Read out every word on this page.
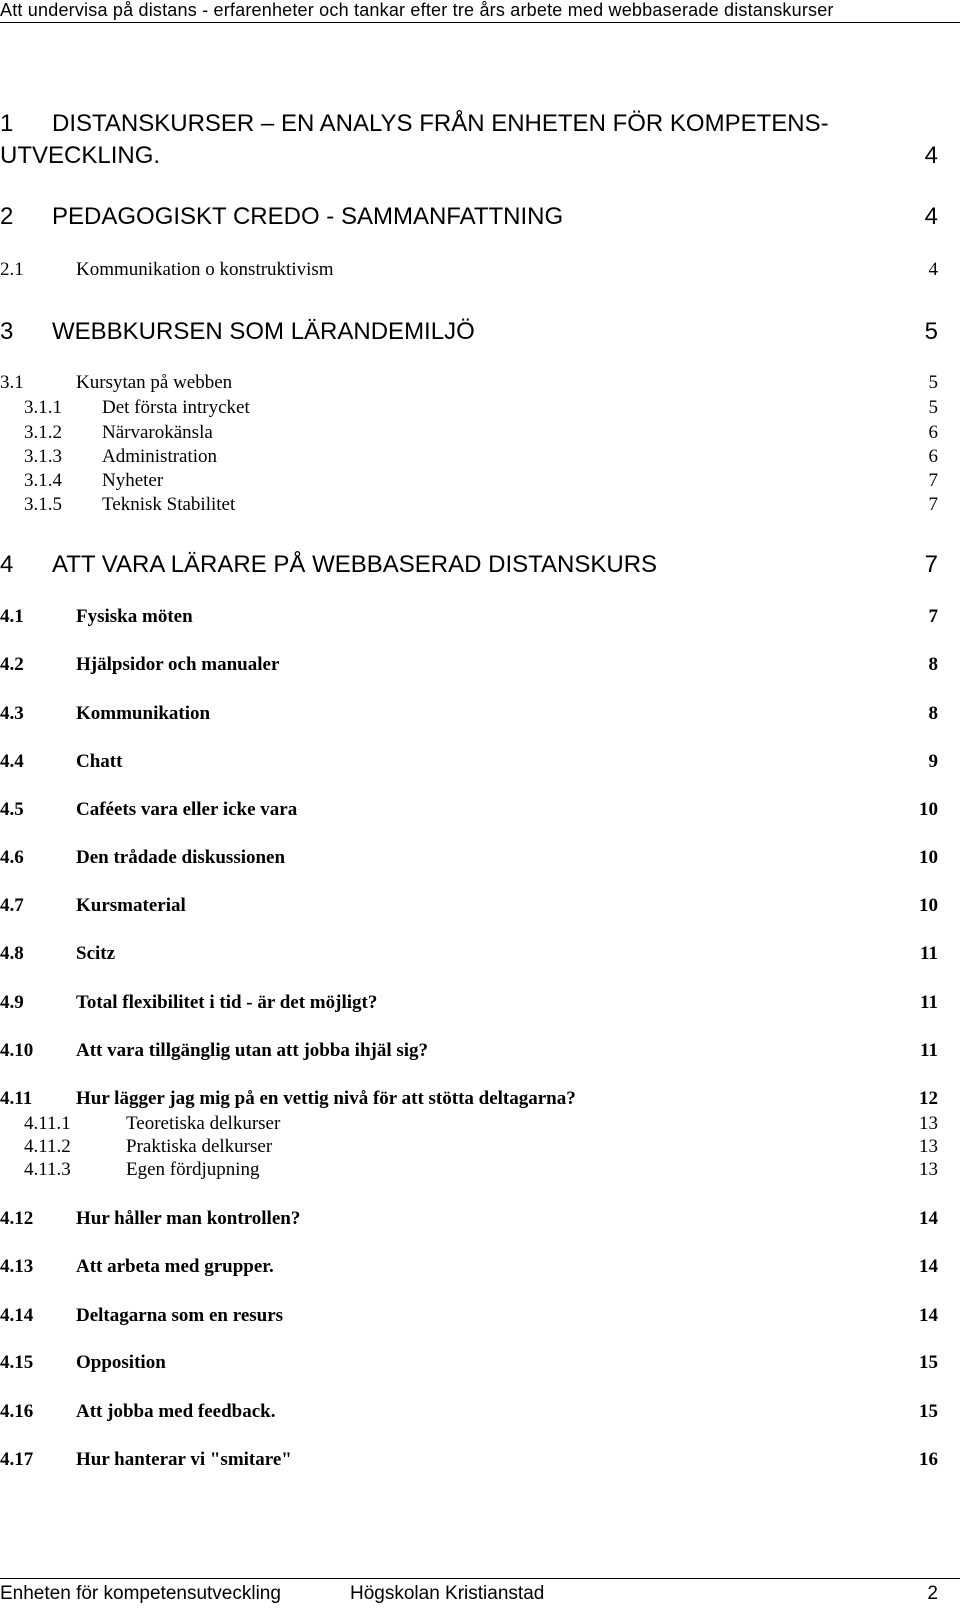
Att undervisa på distans - erfarenheter och tankar efter tre års arbete med webbaserade distanskurser
1 DISTANSKURSER – EN ANALYS FRÅN ENHETEN FÖR KOMPETENS-
UTVECKLING.	4
2 PEDAGOGISKT CREDO - SAMMANFATTNING	4
2.1	Kommunikation o konstruktivism	4
3 WEBBKURSEN SOM LÄRANDEMILJÖ	5
3.1	Kursytan på webben	5
3.1.1 Det första intrycket	5
3.1.2 Närvarokänsla	6
3.1.3 Administration	6
3.1.4 Nyheter	7
3.1.5 Teknisk Stabilitet	7
4 ATT VARA LÄRARE PÅ WEBBASERAD DISTANSKURS	7
4.1	Fysiska möten	7
4.2	Hjälpsidor och manualer	8
4.3	Kommunikation	8
4.4	Chatt	9
4.5	Caféets vara eller icke vara	10
4.6	Den trådade diskussionen	10
4.7	Kursmaterial	10
4.8	Scitz	11
4.9	Total flexibilitet i tid - är det möjligt?	11
4.10 Att vara tillgänglig utan att jobba ihjäl sig?	11
4.11 Hur lägger jag mig på en vettig nivå för att stötta deltagarna?	12
4.11.1	Teoretiska delkurser	13
4.11.2	Praktiska delkurser	13
4.11.3	Egen fördjupning	13
4.12 Hur håller man kontrollen?	14
4.13 Att arbeta med grupper.	14
4.14 Deltagarna som en resurs	14
4.15 Opposition	15
4.16 Att jobba med feedback.	15
4.17 Hur hanterar vi "smitare"	16
Enheten för kompetensutveckling	Högskolan Kristianstad	2
